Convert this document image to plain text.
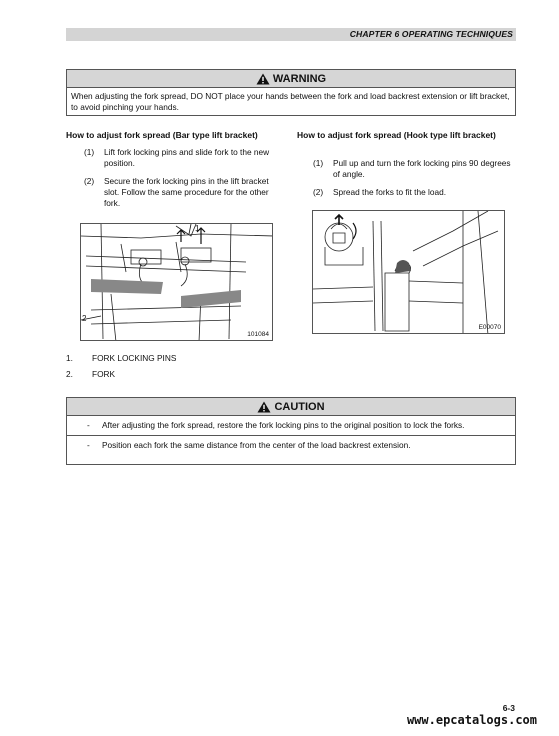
CHAPTER 6 OPERATING TECHNIQUES
WARNING
When adjusting the fork spread, DO NOT place your hands between the fork and load backrest extension or lift bracket, to avoid pinching your hands.
How to adjust fork spread (Bar type lift bracket)
(1) Lift fork locking pins and slide fork to the new position.
(2) Secure the fork locking pins in the lift bracket slot. Follow the same procedure for the other fork.
1
2
101084
How to adjust fork spread (Hook type lift bracket)
(1) Pull up and turn the fork locking pins 90 degrees of angle.
(2) Spread the forks to fit the load.
E00070
1. FORK LOCKING PINS
2. FORK
CAUTION
- After adjusting the fork spread, restore the fork locking pins to the original position to lock the forks.
- Position each fork the same distance from the center of the load backrest extension.
6-3
www.epcatalogs.com
